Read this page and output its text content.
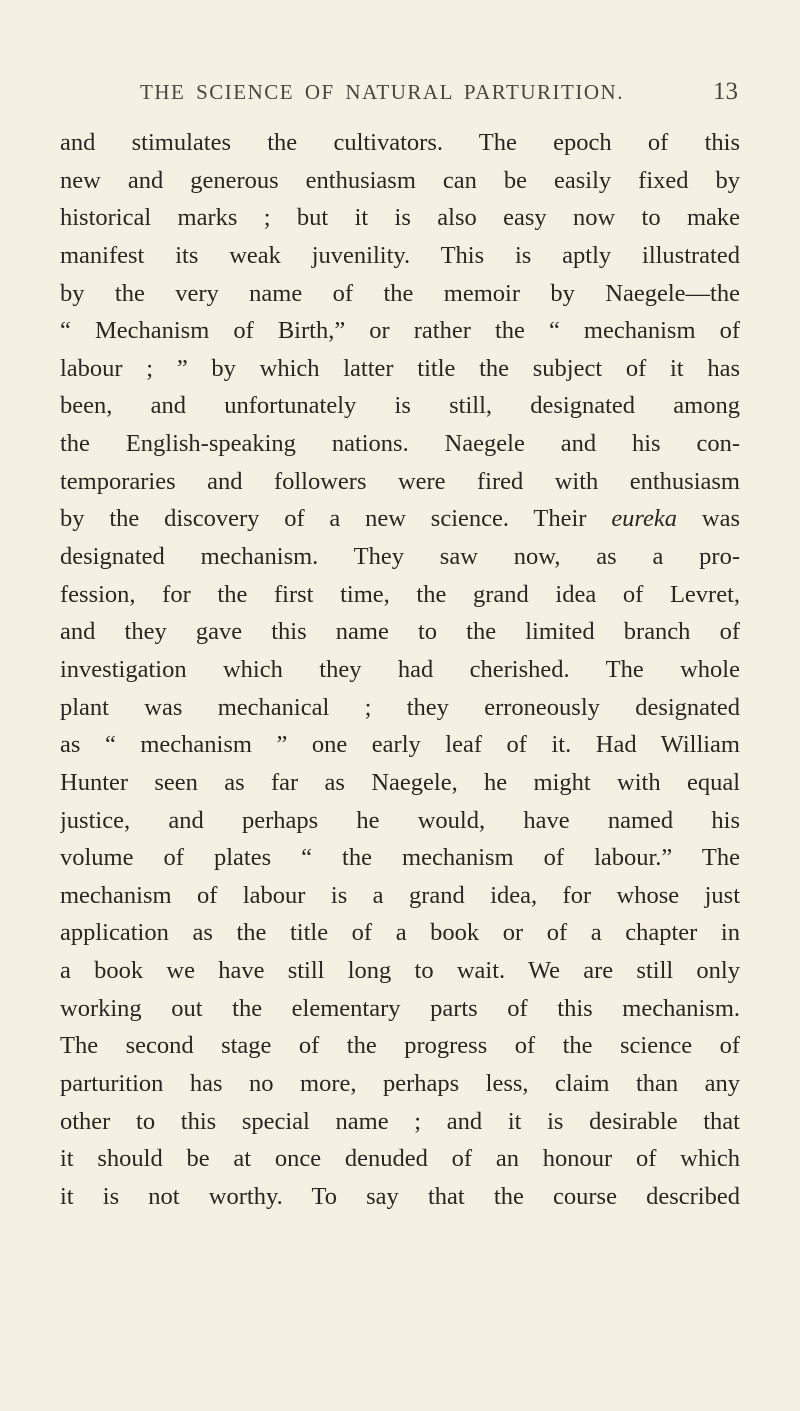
THE SCIENCE OF NATURAL PARTURITION.	13
and stimulates the cultivators. The epoch of this
new and generous enthusiasm can be easily fixed by
historical marks ; but it is also easy now to make
manifest its weak juvenility. This is aptly illustrated
by the very name of the memoir by Naegele—the
“ Mechanism of Birth,” or rather the “ mechanism of
labour ; ” by which latter title the subject of it has
been, and unfortunately is still, designated among
the English-speaking nations. Naegele and his con-
temporaries and followers were fired with enthusiasm
by the discovery of a new science. Their eureka was
designated mechanism. They saw now, as a pro-
fession, for the first time, the grand idea of Levret,
and they gave this name to the limited branch of
investigation which they had cherished. The whole
plant was mechanical ; they erroneously designated
as “ mechanism ” one early leaf of it. Had William
Hunter seen as far as Naegele, he might with equal
justice, and perhaps he would, have named his
volume of plates “ the mechanism of labour.” The
mechanism of labour is a grand idea, for whose just
application as the title of a book or of a chapter in
a book we have still long to wait. We are still only
working out the elementary parts of this mechanism.
The second stage of the progress of the science of
parturition has no more, perhaps less, claim than any
other to this special name ; and it is desirable that
it should be at once denuded of an honour of which
it is not worthy. To say that the course described
